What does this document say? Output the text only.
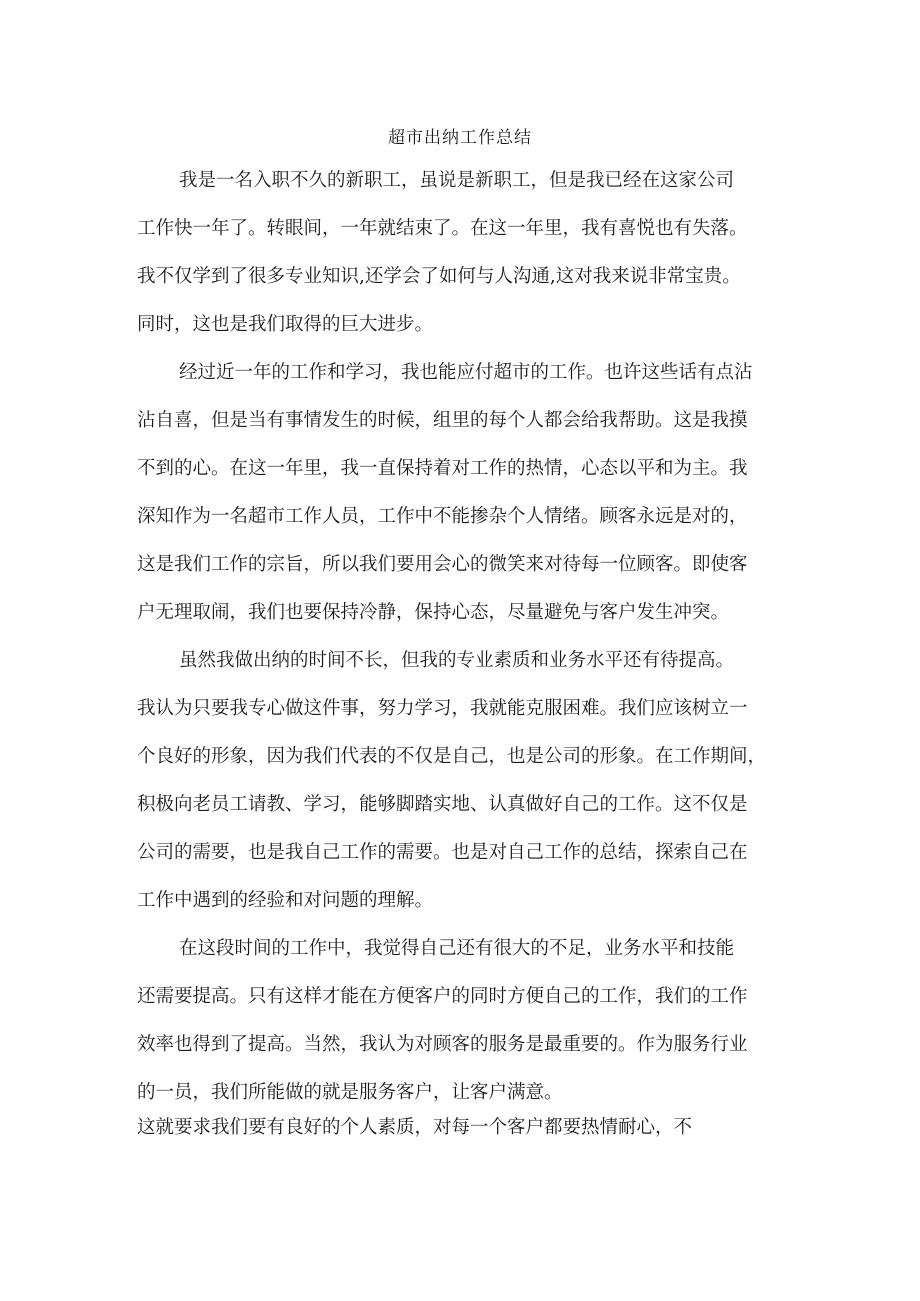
超市出纳工作总结
我是一名入职不久的新职工，虽说是新职工，但是我已经在这家公司
工作快一年了。转眼间，一年就结束了。在这一年里，我有喜悦也有失落。
我不仅学到了很多专业知识,还学会了如何与人沟通,这对我来说非常宝贵。
同时，这也是我们取得的巨大进步。
经过近一年的工作和学习，我也能应付超市的工作。也许这些话有点沾
沾自喜，但是当有事情发生的时候，组里的每个人都会给我帮助。这是我摸
不到的心。在这一年里，我一直保持着对工作的热情，心态以平和为主。我
深知作为一名超市工作人员，工作中不能掺杂个人情绪。顾客永远是对的，
这是我们工作的宗旨，所以我们要用会心的微笑来对待每一位顾客。即使客
户无理取闹，我们也要保持冷静，保持心态，尽量避免与客户发生冲突。
虽然我做出纳的时间不长，但我的专业素质和业务水平还有待提高。
我认为只要我专心做这件事，努力学习，我就能克服困难。我们应该树立一
个良好的形象，因为我们代表的不仅是自己，也是公司的形象。在工作期间，
积极向老员工请教、学习，能够脚踏实地、认真做好自己的工作。这不仅是
公司的需要，也是我自己工作的需要。也是对自己工作的总结，探索自己在
工作中遇到的经验和对问题的理解。
在这段时间的工作中，我觉得自己还有很大的不足，业务水平和技能
还需要提高。只有这样才能在方便客户的同时方便自己的工作，我们的工作
效率也得到了提高。当然，我认为对顾客的服务是最重要的。作为服务行业
的一员，我们所能做的就是服务客户，让客户满意。
这就要求我们要有良好的个人素质，对每一个客户都要热情耐心，不
